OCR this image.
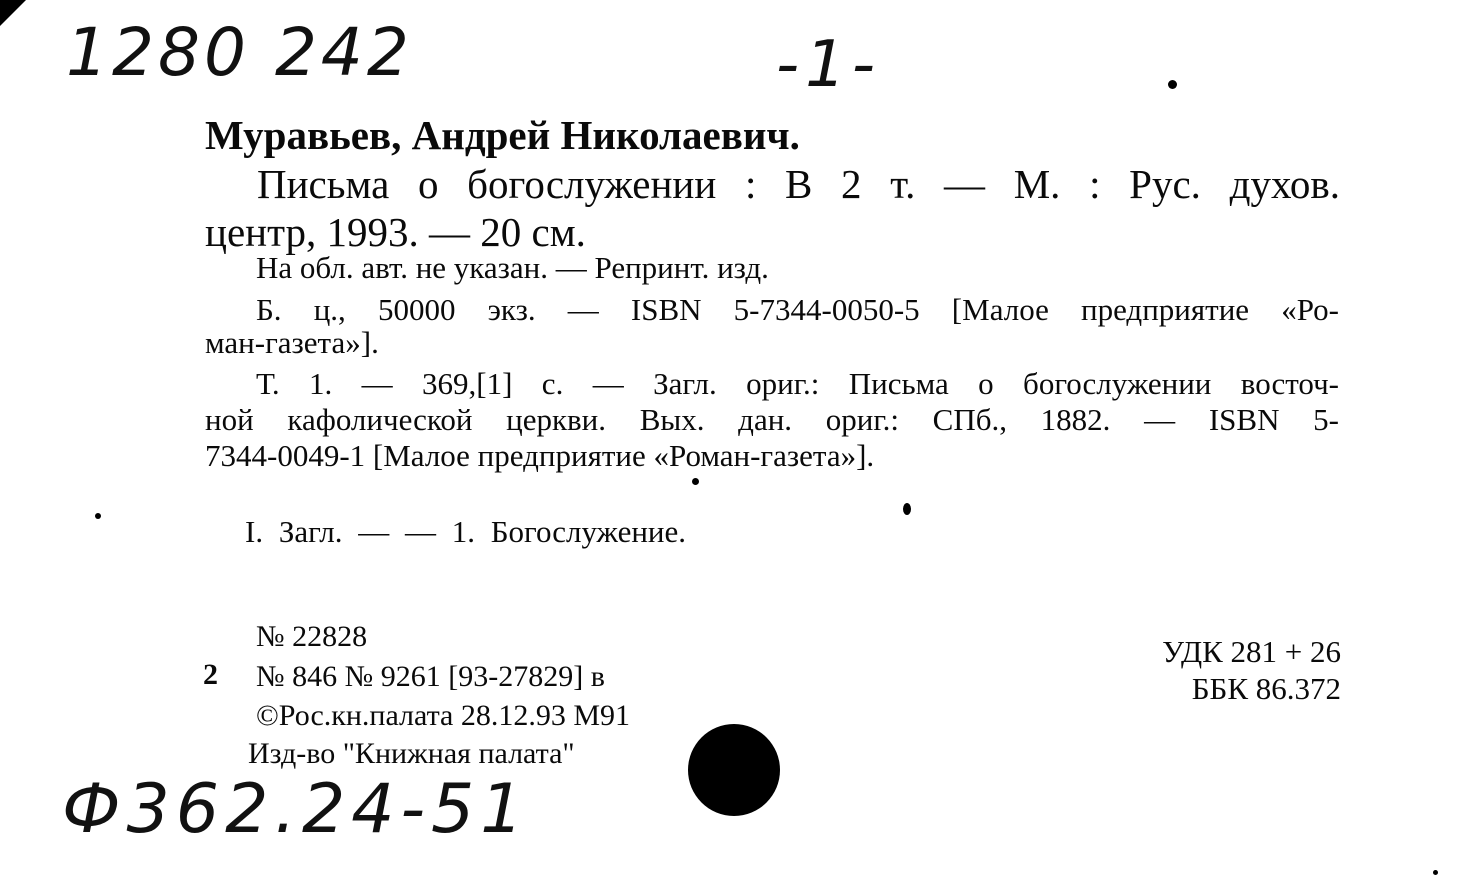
1280 242	-1-
Муравьев, Андрей Николаевич.
Письма о богослужении : В 2 т. — М. : Рус. духов.
центр, 1993. — 20 см.
На обл. авт. не указан. — Репринт. изд.
Б. ц., 50000 экз. — ISBN 5-7344-0050-5 [Малое предприятие «Ро-
ман-газета»].
Т. 1. — 369,[1] с. — Загл. ориг.: Письма о богослужении восточ-
ной кафолической церкви. Вых. дан. ориг.: СПб., 1882. — ISBN 5-
7344-0049-1 [Малое предприятие «Роман-газета»].
I. Загл. — — 1. Богослужение.
2
№ 22828
№ 846 № 9261 [93-27829] в
©Рос.кн.палата 28.12.93 М91
Изд-во "Книжная палата"
УДК 281 + 26
ББК 86.372
Ф362.24-51
